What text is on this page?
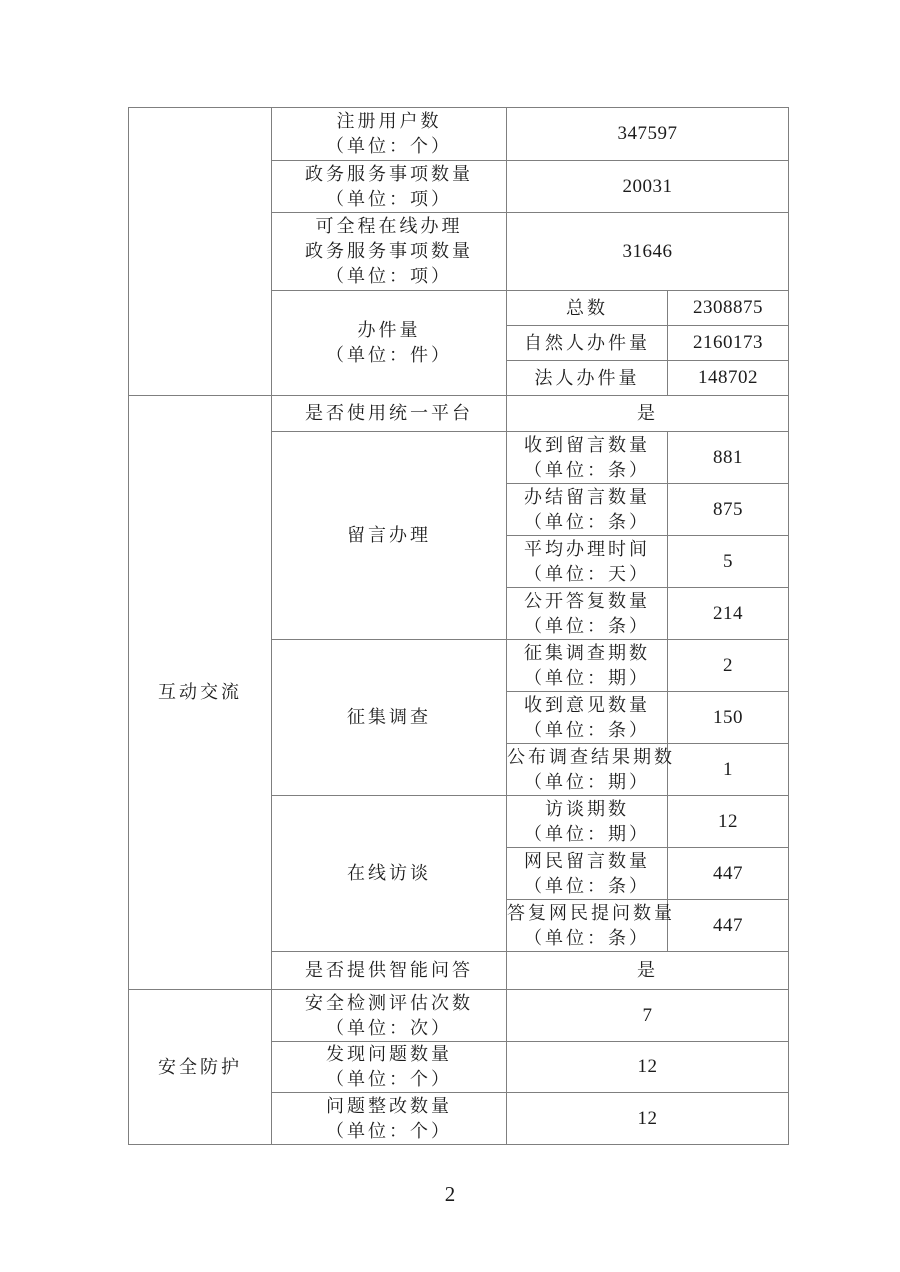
	注册用户数
（单位：个）	347597	

	政务服务事项数量
（单位：项）	20031	

	可全程在线办理
政务服务事项数量
（单位：项）	31646	

	办件量
（单位：件）	总数	2308875

		自然人办件量	2160173

		法人办件量	148702

互动交流	是否使用统一平台	是	

	留言办理	收到留言数量
（单位：条）	881

		办结留言数量
（单位：条）	875

		平均办理时间
（单位：天）	5

		公开答复数量
（单位：条）	214

	征集调查	征集调查期数
（单位：期）	2

		收到意见数量
（单位：条）	150

		公布调查结果期数
（单位：期）	1

	在线访谈	访谈期数
（单位：期）	12

		网民留言数量
（单位：条）	447

		答复网民提问数量
（单位：条）	447

	是否提供智能问答	是	

安全防护	安全检测评估次数
（单位：次）	7	

	发现问题数量
（单位：个）	12	

	问题整改数量
（单位：个）	12	
2
